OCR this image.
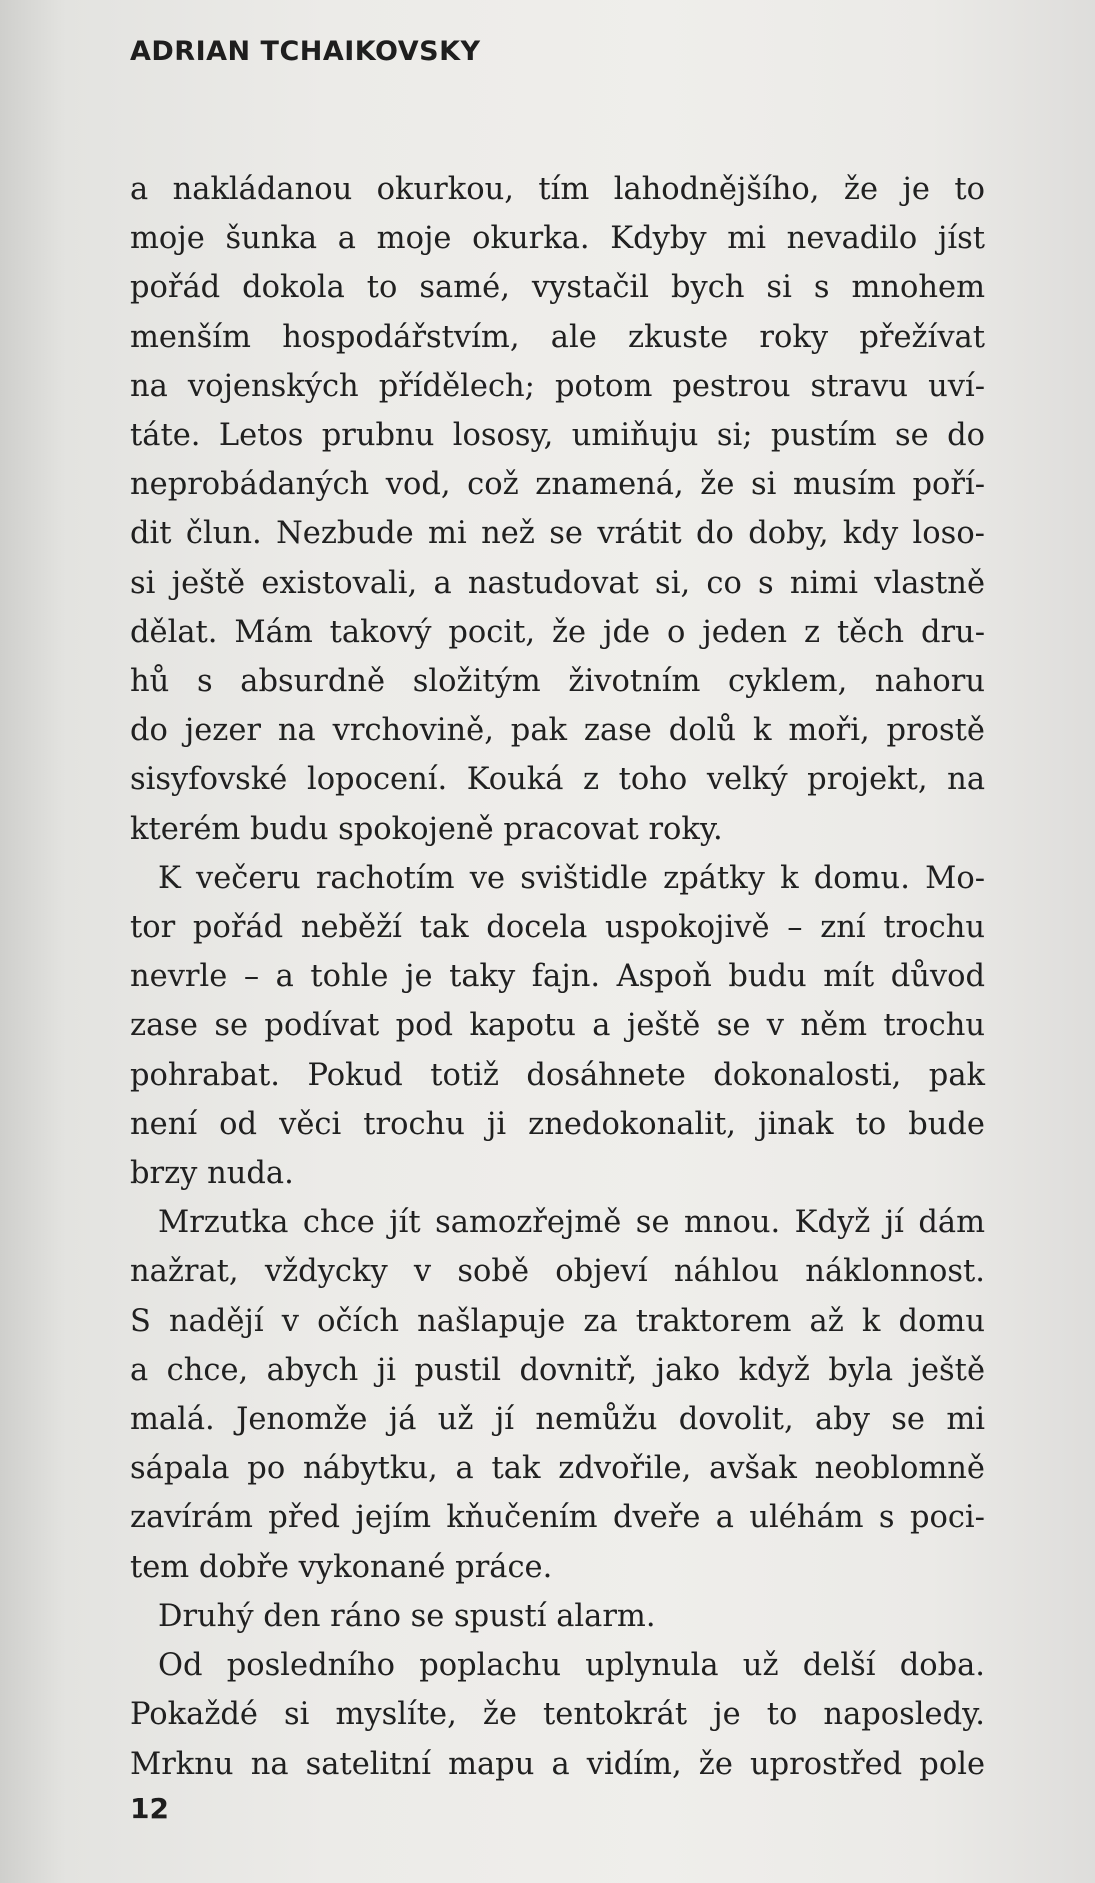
ADRIAN TCHAIKOVSKY

a nakládanou okurkou, tím lahodnějšího, že je to

moje šunka a moje okurka. Kdyby mi nevadilo jíst

pořád dokola to samé, vystačil bych si s mnohem

menším hospodářstvím, ale zkuste roky přežívat

na vojenských přídělech; potom pestrou stravu uví-

táte. Letos prubnu lososy, umiňuju si; pustím se do

neprobádaných vod, což znamená, že si musím poří-

dit člun. Nezbude mi než se vrátit do doby, kdy loso-

si ještě existovali, a nastudovat si, co s nimi vlastně

dělat. Mám takový pocit, že jde o jeden z těch dru-

hů s absurdně složitým životním cyklem, nahoru

do jezer na vrchovině, pak zase dolů k moři, prostě

sisyfovské lopocení. Kouká z toho velký projekt, na

kterém budu spokojeně pracovat roky.

K večeru rachotím ve svištidle zpátky k domu. Mo-

tor pořád neběží tak docela uspokojivě – zní trochu

nevrle – a tohle je taky fajn. Aspoň budu mít důvod

zase se podívat pod kapotu a ještě se v něm trochu

pohrabat. Pokud totiž dosáhnete dokonalosti, pak

není od věci trochu ji znedokonalit, jinak to bude

brzy nuda.

Mrzutka chce jít samozřejmě se mnou. Když jí dám

nažrat, vždycky v sobě objeví náhlou náklonnost.

S nadějí v očích našlapuje za traktorem až k domu

a chce, abych ji pustil dovnitř, jako když byla ještě

malá. Jenomže já už jí nemůžu dovolit, aby se mi

sápala po nábytku, a tak zdvořile, avšak neoblomně

zavírám před jejím kňučením dveře a uléhám s poci-

tem dobře vykonané práce.

Druhý den ráno se spustí alarm.

Od posledního poplachu uplynula už delší doba.

Pokaždé si myslíte, že tentokrát je to naposledy.

Mrknu na satelitní mapu a vidím, že uprostřed pole

12
